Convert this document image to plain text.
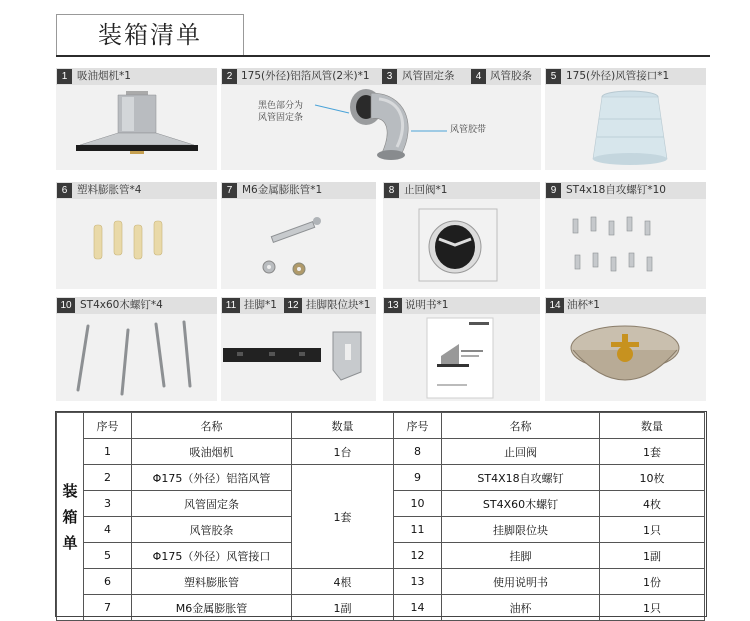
装箱清单
1 吸油烟机*1	2 175(外径)铝箔风管(2米)*1	3 风管固定条	4 风管胶条
黑色部分为
风管固定条
风管胶带
5 175(外径)风管接口*1
6 塑料膨胀管*4	7 M6金属膨胀管*1	8 止回阀*1	9 ST4x18自攻螺钉*10
10 ST4x60木螺钉*4	11 挂脚*1	12 挂脚限位块*1	13 说明书*1	14 油杯*1
装
箱
单	序号	名称	数量	序号	名称	数量
	1	吸油烟机	1台	8	止回阀	1套
	2	Φ175（外径）铝箔风管	1套	9	ST4X18自攻螺钉	10枚
	3	风管固定条		10	ST4X60木螺钉	4枚
	4	风管胶条		11	挂脚限位块	1只
	5	Φ175（外径）风管接口		12	挂脚	1副
	6	塑料膨胀管	4根	13	使用说明书	1份
	7	M6金属膨胀管	1副	14	油杯	1只
